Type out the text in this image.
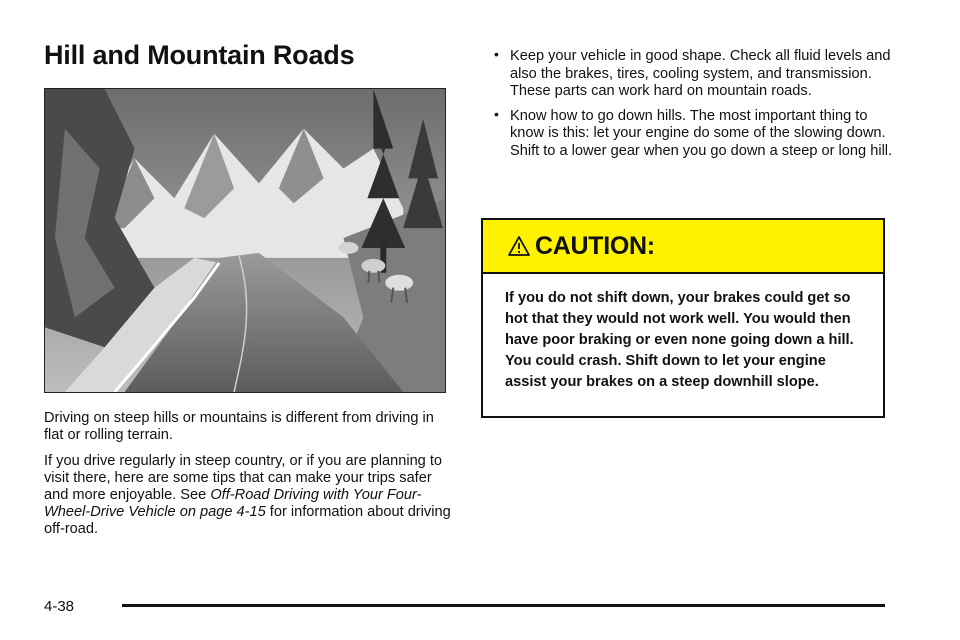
Hill and Mountain Roads

Driving on steep hills or mountains is different from driving in flat or rolling terrain.

If you drive regularly in steep country, or if you are planning to visit there, here are some tips that can make your trips safer and more enjoyable. See Off-Road Driving with Your Four-Wheel-Drive Vehicle on page 4-15 for information about driving off-road.

• Keep your vehicle in good shape. Check all fluid levels and also the brakes, tires, cooling system, and transmission. These parts can work hard on mountain roads.
• Know how to go down hills. The most important thing to know is this: let your engine do some of the slowing down. Shift to a lower gear when you go down a steep or long hill.
CAUTION:

If you do not shift down, your brakes could get so hot that they would not work well. You would then have poor braking or even none going down a hill. You could crash. Shift down to let your engine assist your brakes on a steep downhill slope.

4-38
